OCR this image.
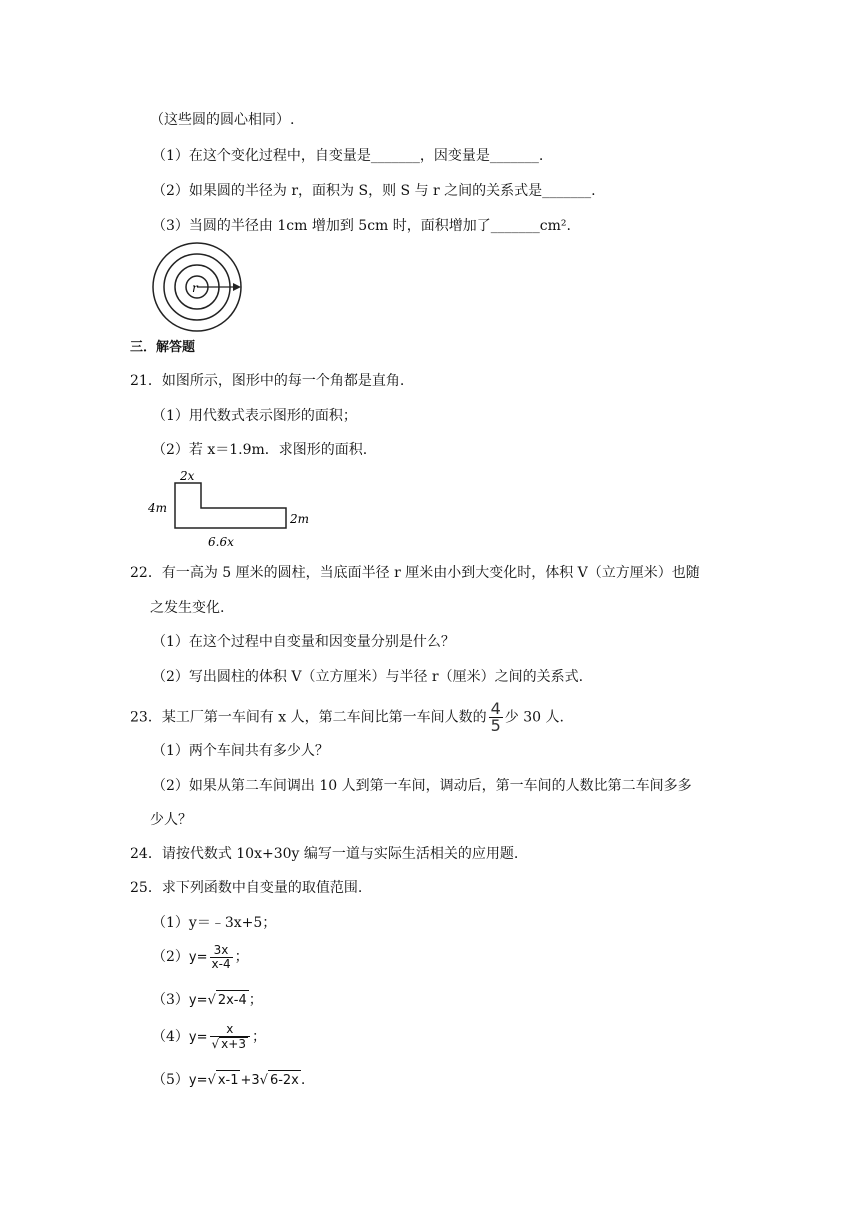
（这些圆的圆心相同）.
（1）在这个变化过程中，自变量是_______，因变量是_______.
（2）如果圆的半径为 r，面积为 S，则 S 与 r 之间的关系式是_______.
（3）当圆的半径由 1cm 增加到 5cm 时，面积增加了_______cm².
r
三．解答题
21．如图所示，图形中的每一个角都是直角.
（1）用代数式表示图形的面积；
（2）若 x＝1.9m．求图形的面积.
2x
4m
2m
6.6x
22．有一高为 5 厘米的圆柱，当底面半径 r 厘米由小到大变化时，体积 V（立方厘米）也随
之发生变化.
（1）在这个过程中自变量和因变量分别是什么？
（2）写出圆柱的体积 V（立方厘米）与半径 r（厘米）之间的关系式.
23．某工厂第一车间有 x 人，第二车间比第一车间人数的 $\frac{4}{5}$ 少 30 人.
（1）两个车间共有多少人？
（2）如果从第二车间调出 10 人到第一车间，调动后，第一车间的人数比第二车间多多
少人？
24．请按代数式 10x+30y 编写一道与实际生活相关的应用题.
25．求下列函数中自变量的取值范围.
（1）y＝﹣3x+5；
$(2)y= \frac{3x}{x-4}$ ；
（3）y=√ 2x-4 ；
$(4)y= \frac{x}{√ x+3}$ ；
（5）y=√ x-1 +3√ 6-2x .
